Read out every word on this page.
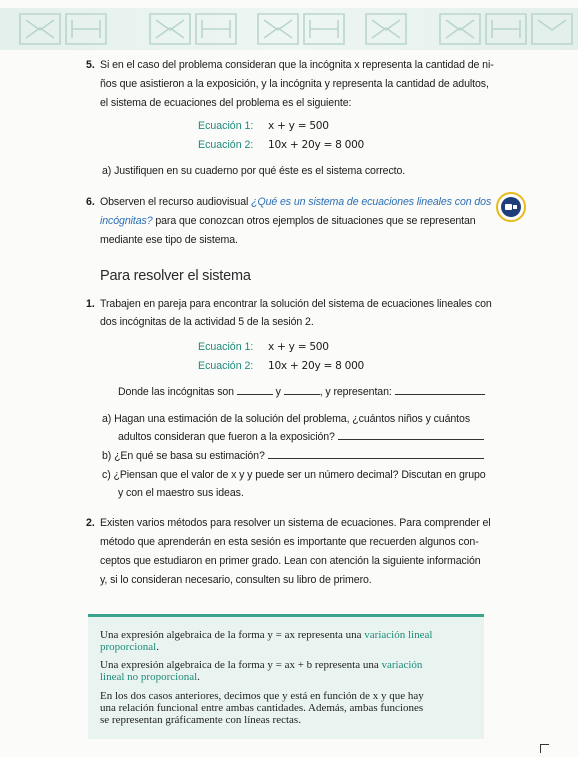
5. Si en el caso del problema consideran que la incógnita x representa la cantidad de ni-
ños que asistieron a la exposición, y la incógnita y representa la cantidad de adultos,
el sistema de ecuaciones del problema es el siguiente:
Ecuación 1: x + y = 500
Ecuación 2: 10x + 20y = 8 000
a) Justifiquen en su cuaderno por qué éste es el sistema correcto.
6. Observen el recurso audiovisual ¿Qué es un sistema de ecuaciones lineales con dos
incógnitas? para que conozcan otros ejemplos de situaciones que se representan
mediante ese tipo de sistema.
Para resolver el sistema
1. Trabajen en pareja para encontrar la solución del sistema de ecuaciones lineales con
dos incógnitas de la actividad 5 de la sesión 2.
Ecuación 1: x + y = 500
Ecuación 2: 10x + 20y = 8 000
Donde las incógnitas son	y	, y representan:
a) Hagan una estimación de la solución del problema, ¿cuántos niños y cuántos
adultos consideran que fueron a la exposición?
b) ¿En qué se basa su estimación?
c) ¿Piensan que el valor de x y y puede ser un número decimal? Discutan en grupo
y con el maestro sus ideas.
2. Existen varios métodos para resolver un sistema de ecuaciones. Para comprender el
método que aprenderán en esta sesión es importante que recuerden algunos con-
ceptos que estudiaron en primer grado. Lean con atención la siguiente información
y, si lo consideran necesario, consulten su libro de primero.
Una expresión algebraica de la forma y = ax representa una variación lineal
proporcional.
Una expresión algebraica de la forma y = ax + b representa una variación
lineal no proporcional.
En los dos casos anteriores, decimos que y está en función de x y que hay
una relación funcional entre ambas cantidades. Además, ambas funciones
se representan gráficamente con líneas rectas.
